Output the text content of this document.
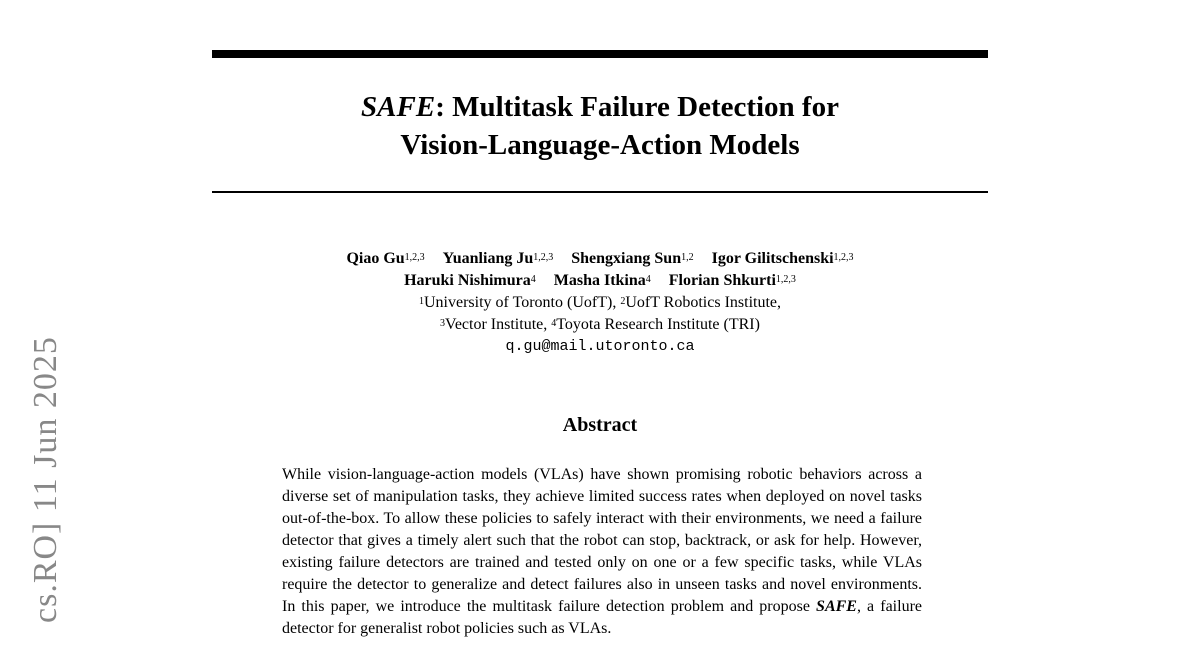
SAFE: Multitask Failure Detection for
Vision-Language-Action Models
Qiao Gu$^{1,2,3}$ Yuanliang Ju$^{1,2,3}$ Shengxiang Sun$^{1,2}$ Igor Gilitschenski$^{1,2,3}$
Haruki Nishimura$^4$ Masha Itkina$^4$ Florian Shkurti$^{1,2,3}$
$^1$University of Toronto (UofT), $^2$UofT Robotics Institute,
$^3$Vector Institute, $^4$Toyota Research Institute (TRI)
q.gu@mail.utoronto.ca
Abstract
While vision-language-action models (VLAs) have shown promising robotic behaviors across a diverse set of manipulation tasks, they achieve limited success rates when deployed on novel tasks out-of-the-box. To allow these policies to safely interact with their environments, we need a failure detector that gives a timely alert such that the robot can stop, backtrack, or ask for help. However, existing failure detectors are trained and tested only on one or a few specific tasks, while VLAs require the detector to generalize and detect failures also in unseen tasks and novel environments. In this paper, we introduce the multitask failure detection problem and propose SAFE, a failure detector for generalist robot policies such as VLAs.
cs.RO] 11 Jun 2025
